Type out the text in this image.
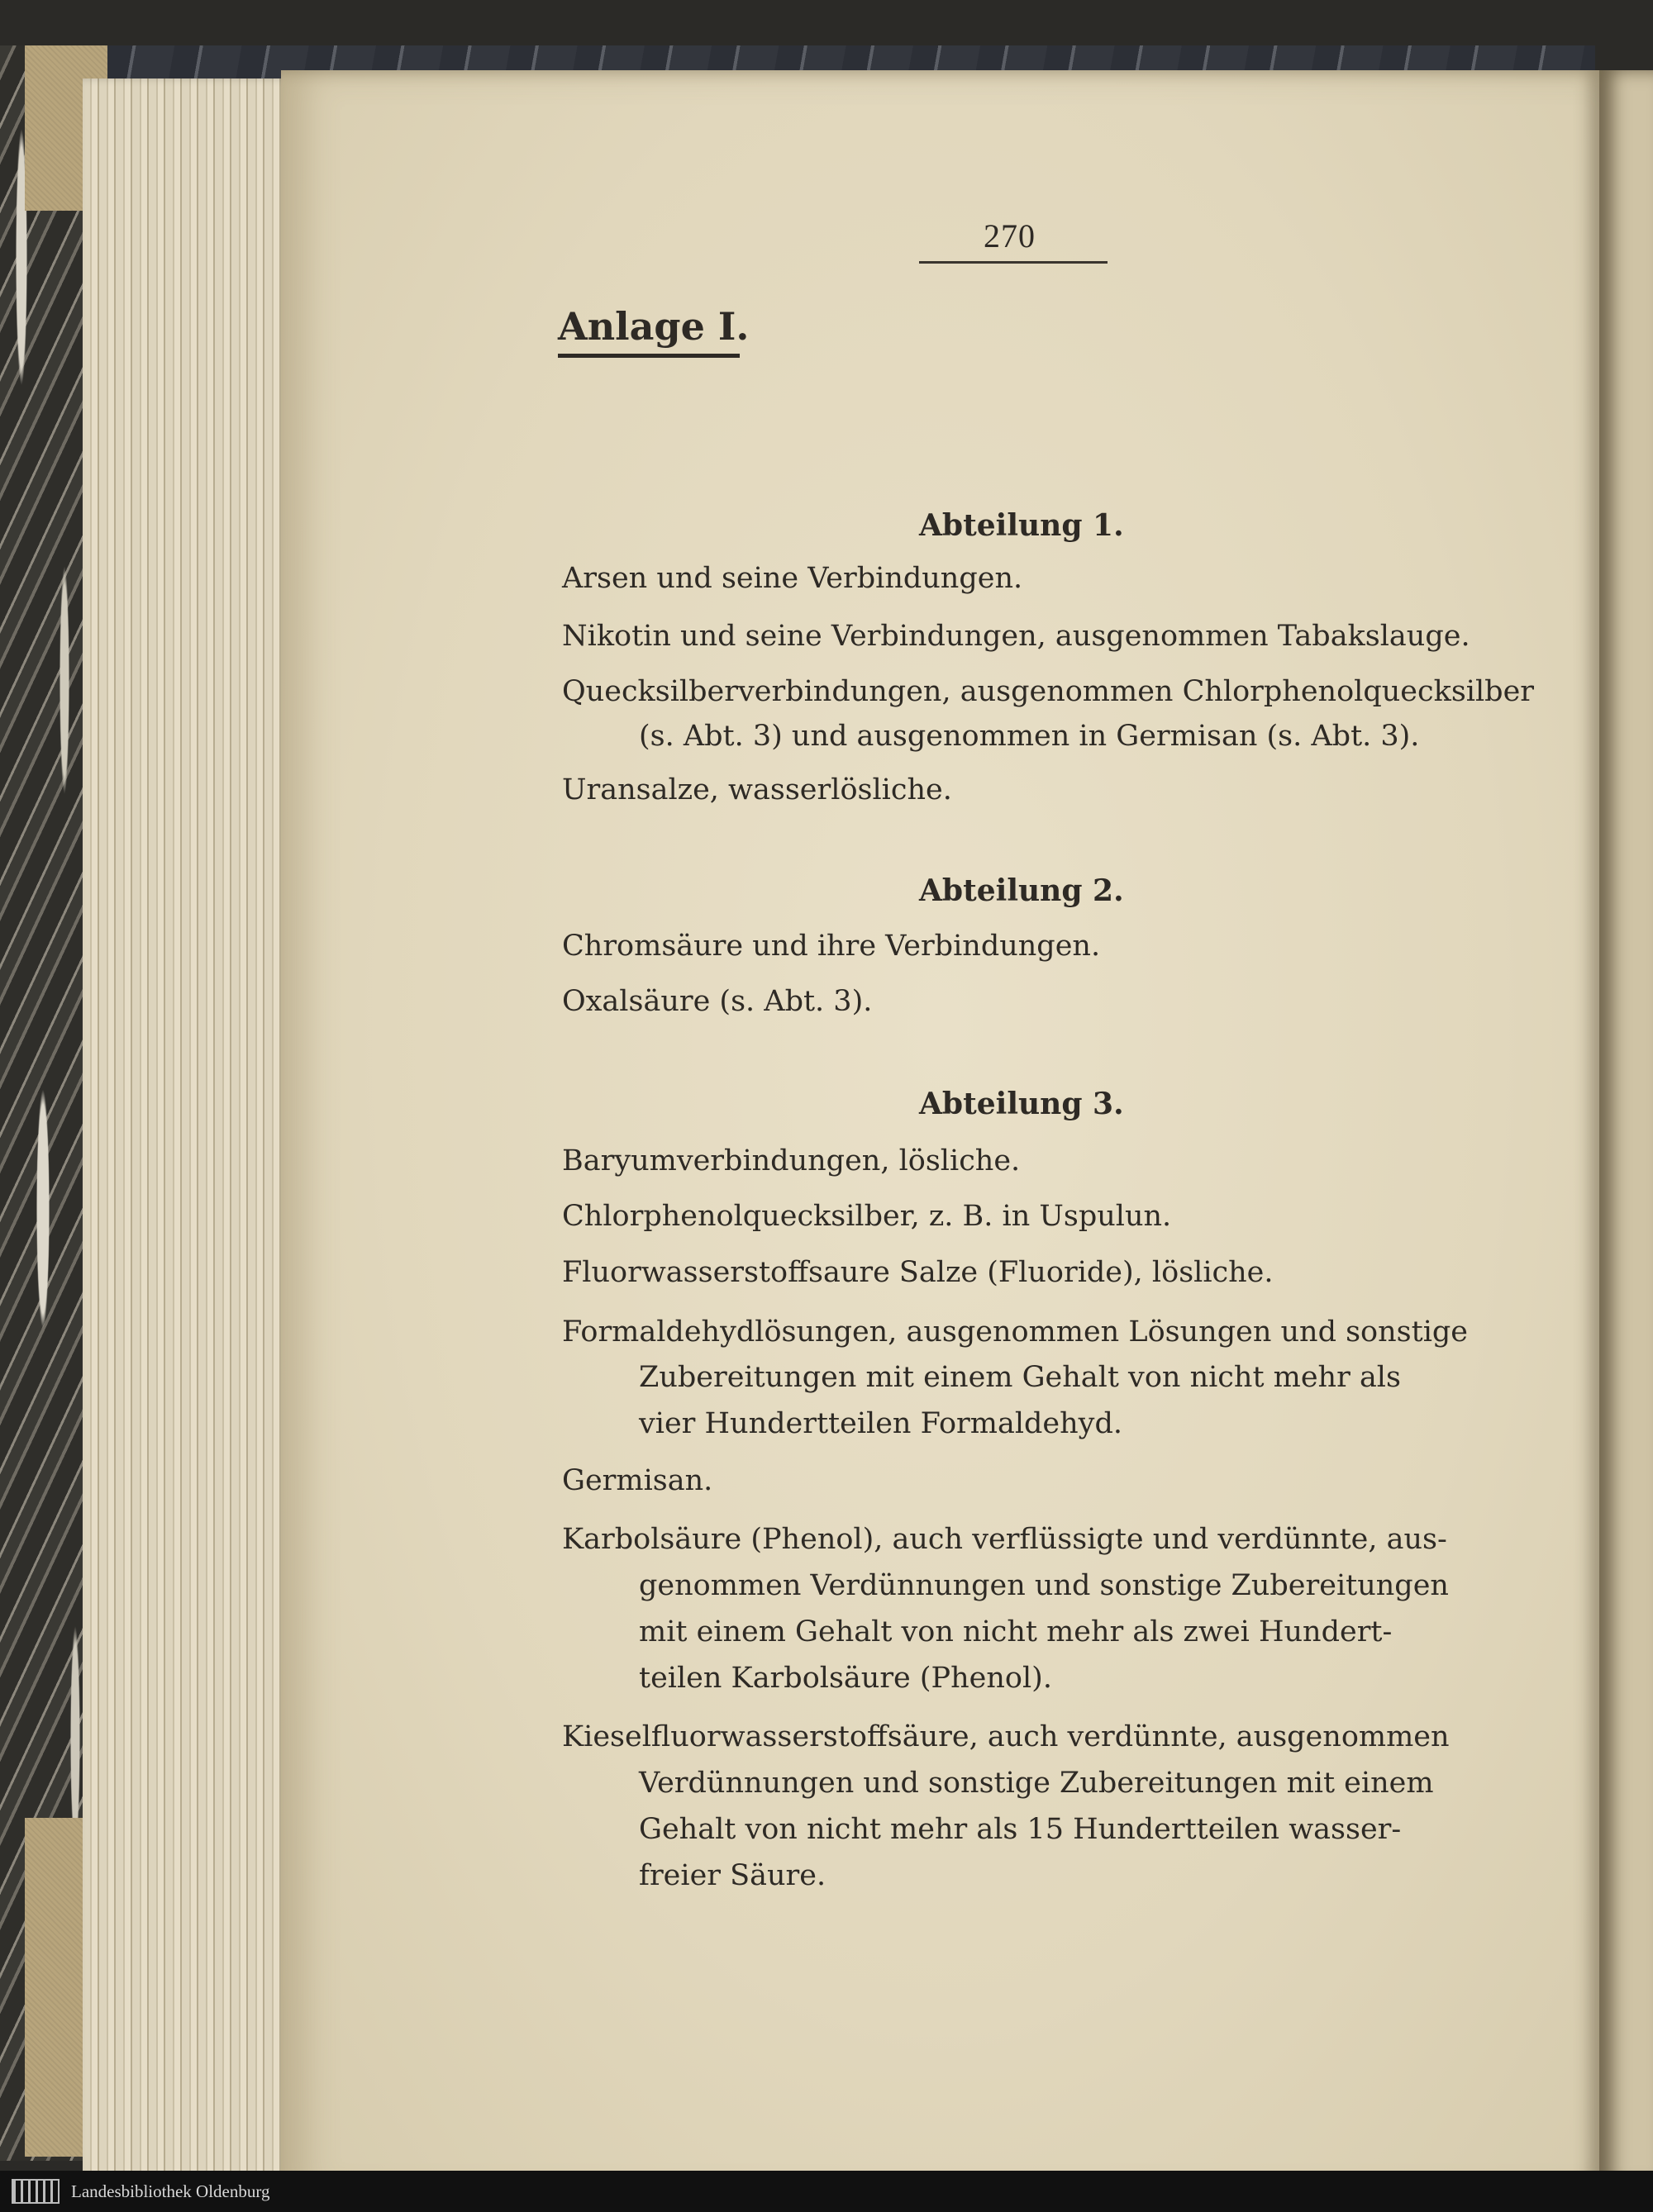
270
Anlage I.
Abteilung 1.
Arsen und seine Verbindungen.
Nikotin und seine Verbindungen, ausgenommen Tabakslauge.
Quecksilberverbindungen, ausgenommen Chlorphenolquecksilber
(s. Abt. 3) und ausgenommen in Germisan (s. Abt. 3).
Uransalze, wasserlösliche.
Abteilung 2.
Chromsäure und ihre Verbindungen.
Oxalsäure (s. Abt. 3).
Abteilung 3.
Baryumverbindungen, lösliche.
Chlorphenolquecksilber, z. B. in Uspulun.
Fluorwasserstoffsaure Salze (Fluoride), lösliche.
Formaldehydlösungen, ausgenommen Lösungen und sonstige
Zubereitungen mit einem Gehalt von nicht mehr als
vier Hundertteilen Formaldehyd.
Germisan.
Karbolsäure (Phenol), auch verflüssigte und verdünnte, aus-
genommen Verdünnungen und sonstige Zubereitungen
mit einem Gehalt von nicht mehr als zwei Hundert-
teilen Karbolsäure (Phenol).
Kieselfluorwasserstoffsäure, auch verdünnte, ausgenommen
Verdünnungen und sonstige Zubereitungen mit einem
Gehalt von nicht mehr als 15 Hundertteilen wasser-
freier Säure.
Landesbibliothek Oldenburg
